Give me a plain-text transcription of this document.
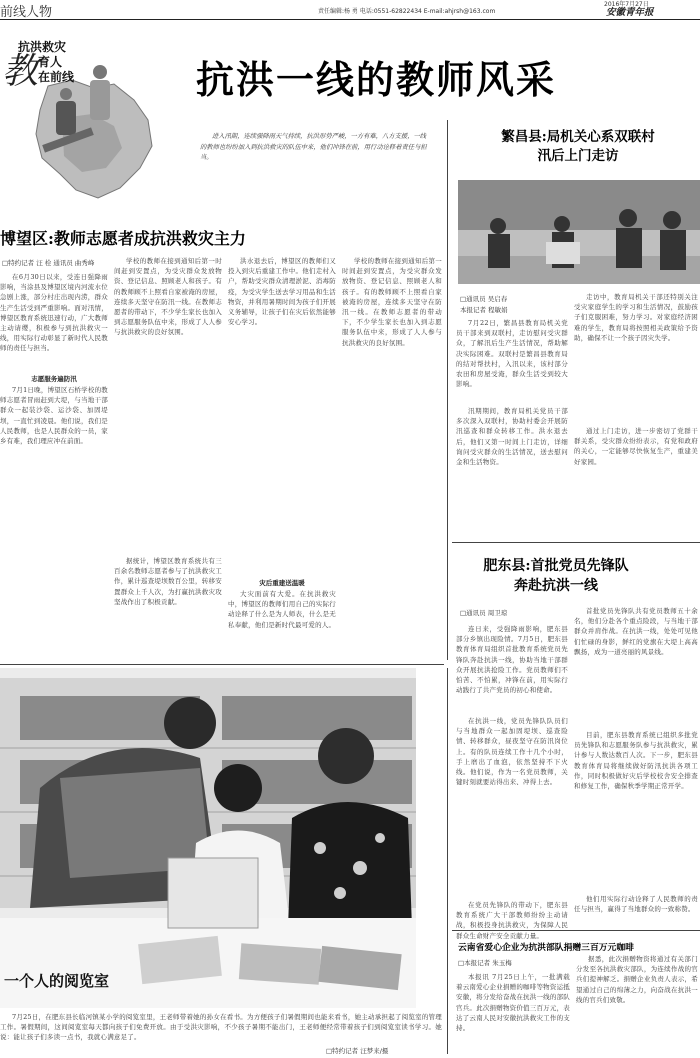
前线人物	责任编辑:杨 勇 电话:0551-62822434 E-mail:ahjrsh@163.com
2016年7月27日
安徽青年报
抗洪救灾
育人
在前线
教	抗洪一线的教师风采
进入汛期，连续强降雨天气持续，抗洪形势严峻，一方有难，八方支援，一线的教师也纷纷加入到抗洪救灾的队伍中来，他们冲锋在前，用行动诠释着责任与担当。
博望区:教师志愿者成抗洪救灾主力
□特约记者 汪 栓 通讯员 曲秀峰
在6月30日以来，受连日强降雨影响，当涂县及博望区境内河流水位急剧上涨，部分村庄出现内涝，群众生产生活受到严重影响。面对汛情，博望区教育系统迅速行动，广大教师主动请缨，积极参与到抗洪救灾一线，用实际行动彰显了新时代人民教师的责任与担当。
志愿服务遍防汛
7月1日晚，博望区石桥学校的教师志愿者冒雨赶到大堤，与当地干部群众一起装沙袋、运沙袋、加固堤坝，一直忙到凌晨。他们说，我们是人民教师，也是人民群众的一员，家乡有难，我们理应冲在前面。
学校的教师在接到通知后第一时间赶到安置点，为受灾群众发放物资、登记信息、照顾老人和孩子。有的教师顾不上照看自家被淹的房屋，连续多天坚守在防汛一线。在教师志愿者的带动下，不少学生家长也加入到志愿服务队伍中来，形成了人人参与抗洪救灾的良好氛围。
据统计，博望区教育系统共有三百余名教师志愿者参与了抗洪救灾工作，累计巡查堤坝数百公里，转移安置群众上千人次，为打赢抗洪救灾攻坚战作出了积极贡献。
洪水退去后，博望区的教师们又投入到灾后重建工作中。他们走村入户，帮助受灾群众清理淤泥、消毒防疫，为受灾学生送去学习用品和生活物资，并利用暑期时间为孩子们开展义务辅导，让孩子们在灾后依然能够安心学习。
灾后重建送温暖
大灾面前有大爱。在抗洪救灾中，博望区的教师们用自己的实际行动诠释了什么是为人师表，什么是无私奉献，他们是新时代最可爱的人。
学校的教师在接到通知后第一时间赶到安置点，为受灾群众发放物资、登记信息、照顾老人和孩子。有的教师顾不上照看自家被淹的房屋，连续多天坚守在防汛一线。在教师志愿者的带动下，不少学生家长也加入到志愿服务队伍中来，形成了人人参与抗洪救灾的良好氛围。
一个人的阅览室
7月25日，在肥东县长临河镇某小学的阅览室里，王老师带着她的孙女在看书。为方便孩子们暑假期间也能来看书，她主动承担起了阅览室的管理工作。暑假期间，这间阅览室每天都向孩子们免费开放。由于受洪灾影响，不少孩子暑期不能出门，王老师便经常带着孩子们到阅览室读书学习。她说：能让孩子们多读一点书，我就心满意足了。
□特约记者 汪梦来/摄
繁昌县:局机关心系双联村
汛后上门走访
□通讯员 吴启春
本报记者 程敏娟
7月22日，繁昌县教育局机关党员干部来到双联村，走访慰问受灾群众，了解汛后生产生活情况，帮助解决实际困难。双联村是繁昌县教育局的结对帮扶村，入汛以来，该村部分农田和房屋受淹，群众生活受到较大影响。
汛期期间，教育局机关党员干部多次深入双联村，协助村委会开展防汛巡查和群众转移工作。洪水退去后，他们又第一时间上门走访，详细询问受灾群众的生活情况，送去慰问金和生活物资。
走访中，教育局机关干部还特别关注受灾家庭学生的学习和生活情况，鼓励孩子们克服困难，努力学习。对家庭经济困难的学生，教育局将按照相关政策给予资助，确保不让一个孩子因灾失学。
通过上门走访，进一步密切了党群干群关系，受灾群众纷纷表示，有党和政府的关心，一定能够尽快恢复生产，重建美好家园。
肥东县:首批党员先锋队
奔赴抗洪一线
□通讯员 周卫琼
连日来，受强降雨影响，肥东县部分乡镇出现险情。7月5日，肥东县教育体育局组织首批教育系统党员先锋队奔赴抗洪一线，协助当地干部群众开展抗洪抢险工作。党员教师们不怕苦、不怕累，冲锋在前，用实际行动践行了共产党员的初心和使命。
在抗洪一线，党员先锋队队员们与当地群众一起加固堤坝、巡查险情、转移群众，昼夜坚守在防汛岗位上。有的队员连续工作十几个小时，手上磨出了血泡，依然坚持不下火线。他们说，作为一名党员教师，关键时刻就要站得出来、冲得上去。
在党员先锋队的带动下，肥东县教育系统广大干部教师纷纷主动请战，积极投身抗洪救灾，为保障人民群众生命财产安全贡献力量。
首批党员先锋队共有党员教师五十余名，他们分赴各个重点险段，与当地干部群众并肩作战。在抗洪一线，处处可见他们忙碌的身影，鲜红的党旗在大堤上高高飘扬，成为一道亮丽的风景线。
目前，肥东县教育系统已组织多批党员先锋队和志愿服务队参与抗洪救灾，累计参与人数达数百人次。下一步，肥东县教育体育局将继续做好防汛抗洪各项工作，同时积极做好灾后学校校舍安全排查和修复工作，确保秋季学期正常开学。
他们用实际行动诠释了人民教师的责任与担当，赢得了当地群众的一致称赞。
云南省爱心企业为抗洪部队捐赠三百万元咖啡
□本报记者 朱玉梅
本报讯 7月25日上午，一批满载着云南爱心企业捐赠的咖啡等物资运抵安徽，将分发给奋战在抗洪一线的部队官兵。此次捐赠物资价值三百万元，表达了云南人民对安徽抗洪救灾工作的支持。
据悉，此次捐赠物资将通过有关部门分发至各抗洪救灾部队，为连续作战的官兵们提神解乏。捐赠企业负责人表示，希望通过自己的绵薄之力，向奋战在抗洪一线的官兵们致敬。
